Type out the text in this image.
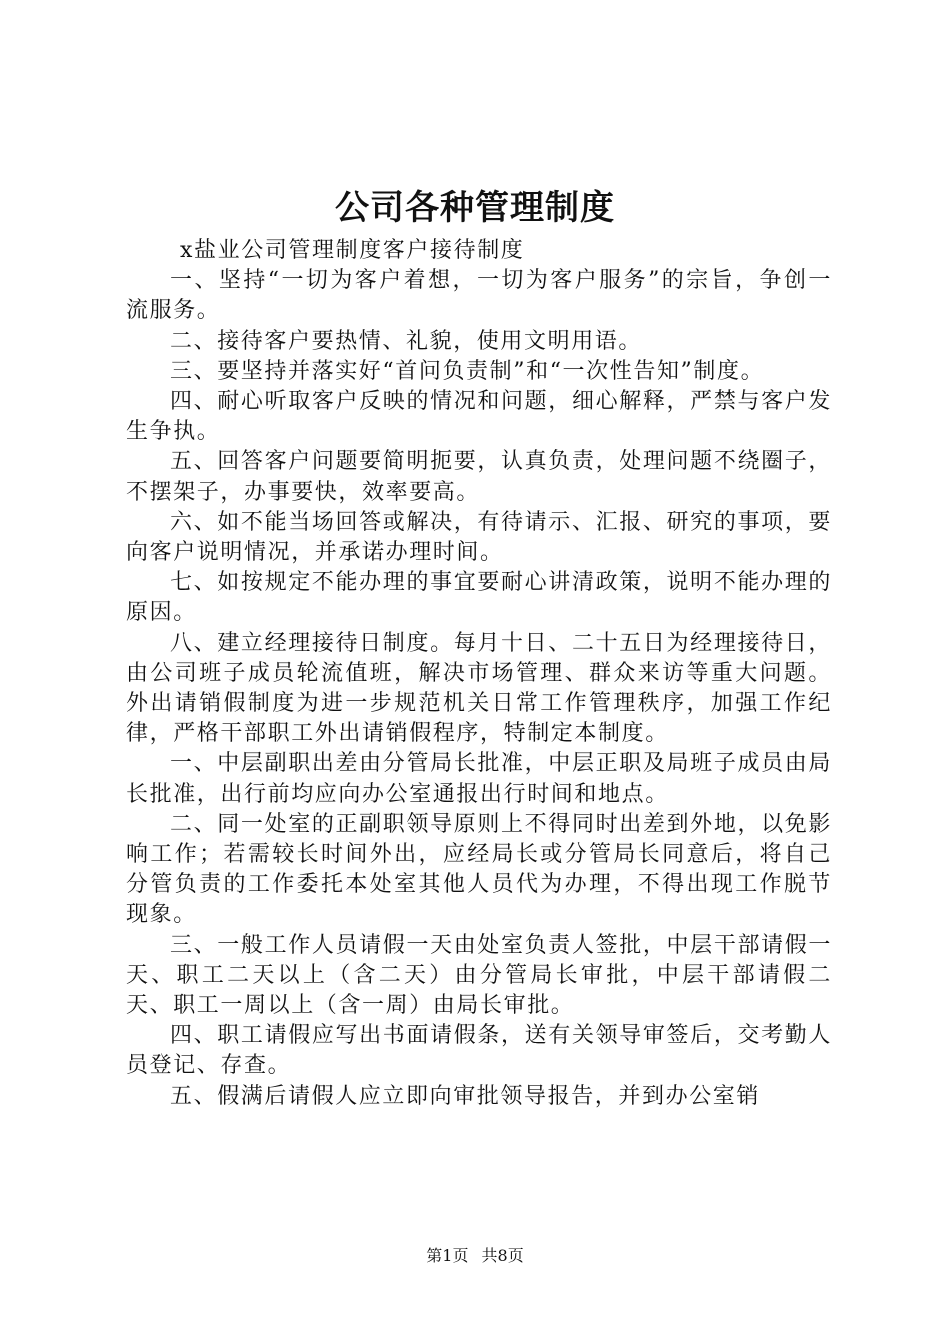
公司各种管理制度

x盐业公司管理制度客户接待制度

一、坚持“一切为客户着想，一切为客户服务”的宗旨，争创一流服务。

二、接待客户要热情、礼貌，使用文明用语。

三、要坚持并落实好“首问负责制”和“一次性告知”制度。

四、耐心听取客户反映的情况和问题，细心解释，严禁与客户发生争执。

五、回答客户问题要简明扼要，认真负责，处理问题不绕圈子，不摆架子，办事要快，效率要高。

六、如不能当场回答或解决，有待请示、汇报、研究的事项，要向客户说明情况，并承诺办理时间。

七、如按规定不能办理的事宜要耐心讲清政策，说明不能办理的原因。

八、建立经理接待日制度。每月十日、二十五日为经理接待日，由公司班子成员轮流值班，解决市场管理、群众来访等重大问题。外出请销假制度为进一步规范机关日常工作管理秩序，加强工作纪律，严格干部职工外出请销假程序，特制定本制度。

一、中层副职出差由分管局长批准，中层正职及局班子成员由局长批准，出行前均应向办公室通报出行时间和地点。

二、同一处室的正副职领导原则上不得同时出差到外地，以免影响工作；若需较长时间外出，应经局长或分管局长同意后，将自己分管负责的工作委托本处室其他人员代为办理，不得出现工作脱节现象。

三、一般工作人员请假一天由处室负责人签批，中层干部请假一天、职工二天以上（含二天）由分管局长审批，中层干部请假二天、职工一周以上（含一周）由局长审批。

四、职工请假应写出书面请假条，送有关领导审签后，交考勤人员登记、存查。

五、假满后请假人应立即向审批领导报告，并到办公室销

第1页 共8页
